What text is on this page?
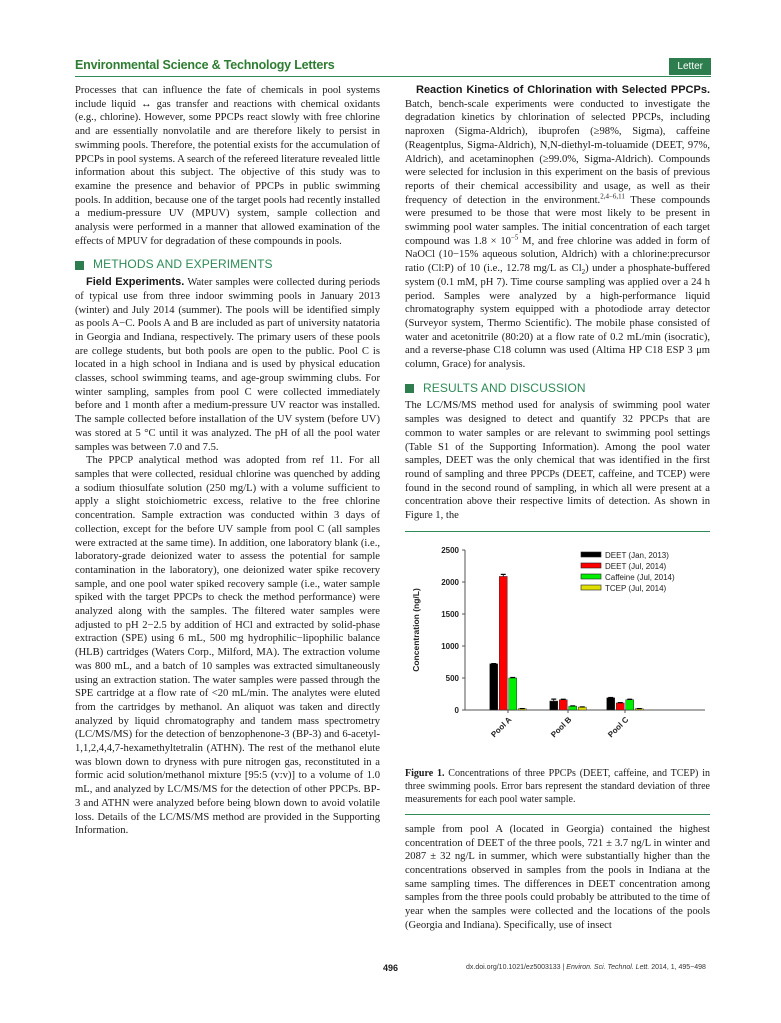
Environmental Science & Technology Letters	Letter

Processes that can influence the fate of chemicals in pool systems include liquid ↔ gas transfer and reactions with chemical oxidants (e.g., chlorine). However, some PPCPs react slowly with free chlorine and are essentially nonvolatile and are therefore likely to persist in swimming pools. Therefore, the potential exists for the accumulation of PPCPs in pool systems. A search of the refereed literature revealed little information about this subject. The objective of this study was to examine the presence and behavior of PPCPs in public swimming pools. In addition, because one of the target pools had recently installed a medium-pressure UV (MPUV) system, sample collection and analysis were performed in a manner that allowed examination of the effects of MPUV for degradation of these compounds in pools.

METHODS AND EXPERIMENTS

Field Experiments. Water samples were collected during periods of typical use from three indoor swimming pools in January 2013 (winter) and July 2014 (summer). The pools will be identified simply as pools A−C. Pools A and B are included as part of university natatoria in Georgia and Indiana, respectively. The primary users of these pools are college students, but both pools are open to the public. Pool C is located in a high school in Indiana and is used by physical education classes, school swimming teams, and age-group swimming clubs. For winter sampling, samples from pool C were collected immediately before and 1 month after a medium-pressure UV reactor was installed. The sample collected before installation of the UV system (before UV) was stored at 5 °C until it was analyzed. The pH of all the pool water samples was between 7.0 and 7.5.

The PPCP analytical method was adopted from ref 11. For all samples that were collected, residual chlorine was quenched by adding a sodium thiosulfate solution (250 mg/L) with a volume sufficient to apply a slight stoichiometric excess, relative to the free chlorine concentration. Sample extraction was conducted within 3 days of collection, except for the before UV sample from pool C (all samples were extracted at the same time). In addition, one laboratory blank (i.e., laboratory-grade deionized water to assess the potential for sample contamination in the laboratory), one deionized water spike recovery sample, and one pool water spiked recovery sample (i.e., water sample spiked with the target PPCPs to check the method performance) were analyzed along with the samples. The filtered water samples were adjusted to pH 2−2.5 by addition of HCl and extracted by solid-phase extraction (SPE) using 6 mL, 500 mg hydrophilic−lipophilic balance (HLB) cartridges (Waters Corp., Milford, MA). The extraction volume was 800 mL, and a batch of 10 samples was extracted simultaneously using an extraction station. The water samples were passed through the SPE cartridge at a flow rate of <20 mL/min. The analytes were eluted from the cartridges by methanol. An aliquot was taken and directly analyzed by liquid chromatography and tandem mass spectrometry (LC/MS/MS) for the detection of benzophenone-3 (BP-3) and 6-acetyl-1,1,2,4,4,7-hexamethyltetralin (ATHN). The rest of the methanol elute was blown down to dryness with pure nitrogen gas, reconstituted in a formic acid solution/methanol mixture [95:5 (v:v)] to a volume of 1.0 mL, and analyzed by LC/MS/MS for the detection of other PPCPs. BP-3 and ATHN were analyzed before being blown down to avoid volatile loss. Details of the LC/MS/MS method are provided in the Supporting Information.

Reaction Kinetics of Chlorination with Selected PPCPs. Batch, bench-scale experiments were conducted to investigate the degradation kinetics by chlorination of selected PPCPs, including naproxen (Sigma-Aldrich), ibuprofen (≥98%, Sigma), caffeine (Reagentplus, Sigma-Aldrich), N,N-diethyl-m-toluamide (DEET, 97%, Aldrich), and acetaminophen (≥99.0%, Sigma-Aldrich). Compounds were selected for inclusion in this experiment on the basis of previous reports of their chemical accessibility and usage, as well as their frequency of detection in the environment.$^{2,4-6,11}$ These compounds were presumed to be those that were most likely to be present in swimming pool water samples. The initial concentration of each target compound was $1.8 \times 10^{-5}$ M, and free chlorine was added in form of NaOCl (10−15% aqueous solution, Aldrich) with a chlorine:precursor ratio (Cl:P) of 10 (i.e., 12.78 mg/L as $Cl_2$) under a phosphate-buffered system (0.1 mM, pH 7). Time course sampling was applied over a 24 h period. Samples were analyzed by a high-performance liquid chromatography system equipped with a photodiode array detector (Surveyor system, Thermo Scientific). The mobile phase consisted of water and acetonitrile (80:20) at a flow rate of 0.2 mL/min (isocratic), and a reverse-phase C18 column was used (Altima HP C18 ESP 3 μm column, Grace) for analysis.

RESULTS AND DISCUSSION

The LC/MS/MS method used for analysis of swimming pool water samples was designed to detect and quantify 32 PPCPs that are common to water samples or are relevant to swimming pool settings (Table S1 of the Supporting Information). Among the pool water samples, DEET was the only chemical that was identified in the first round of sampling and three PPCPs (DEET, caffeine, and TCEP) were found in the second round of sampling, in which all were present at a concentration above their respective limits of detection. As shown in Figure 1, the

0
500
1000
1500
2000
2500
Concentration (ng/L)
Pool A	Pool B	Pool C
DEET (Jan, 2013)
DEET (Jul, 2014)
Caffeine (Jul, 2014)
TCEP (Jul, 2014)
Figure 1. Concentrations of three PPCPs (DEET, caffeine, and TCEP) in three swimming pools. Error bars represent the standard deviation of three measurements for each pool water sample.

sample from pool A (located in Georgia) contained the highest concentration of DEET of the three pools, 721 ± 3.7 ng/L in winter and 2087 ± 32 ng/L in summer, which were substantially higher than the concentrations observed in samples from the pools in Indiana at the same sampling times. The differences in DEET concentration among samples from the three pools could probably be attributed to the time of year when the samples were collected and the locations of the pools (Georgia and Indiana). Specifically, use of insect

496	dx.doi.org/10.1021/ez5003133 | Environ. Sci. Technol. Lett. 2014, 1, 495−498
